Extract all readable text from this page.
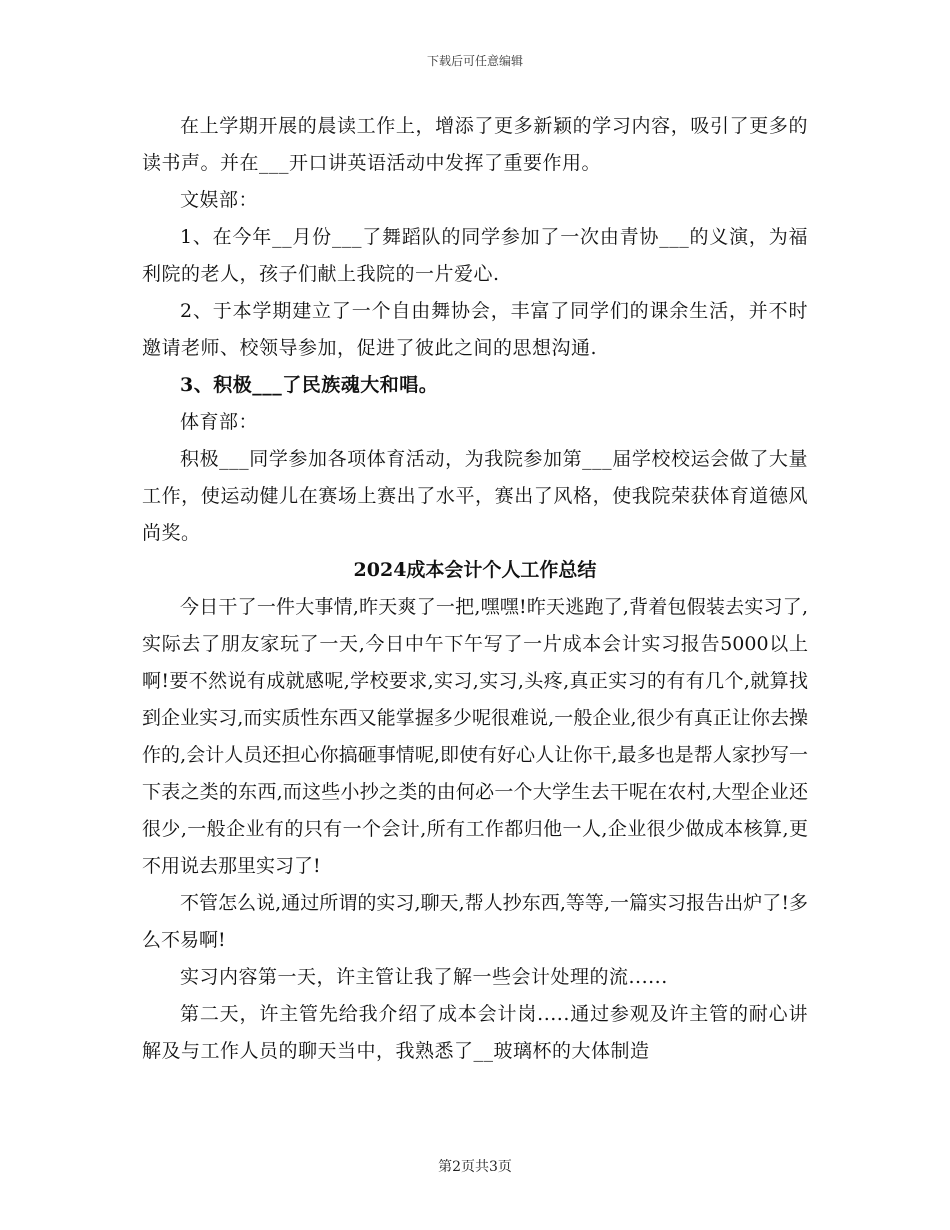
下载后可任意编辑

在上学期开展的晨读工作上，增添了更多新颖的学习内容，吸引了更多的读书声。并在___开口讲英语活动中发挥了重要作用。

文娱部：

1、在今年__月份___了舞蹈队的同学参加了一次由青协___的义演，为福利院的老人，孩子们献上我院的一片爱心.

2、于本学期建立了一个自由舞协会，丰富了同学们的课余生活，并不时邀请老师、校领导参加，促进了彼此之间的思想沟通.

3、积极___了民族魂大和唱。

体育部：

积极___同学参加各项体育活动，为我院参加第___届学校校运会做了大量工作，使运动健儿在赛场上赛出了水平，赛出了风格，使我院荣获体育道德风尚奖。

2024成本会计个人工作总结

今日干了一件大事情,昨天爽了一把,嘿嘿!昨天逃跑了,背着包假装去实习了,实际去了朋友家玩了一天,今日中午下午写了一片成本会计实习报告5000以上啊!要不然说有成就感呢,学校要求,实习,实习,头疼,真正实习的有有几个,就算找到企业实习,而实质性东西又能掌握多少呢很难说,一般企业,很少有真正让你去操作的,会计人员还担心你搞砸事情呢,即使有好心人让你干,最多也是帮人家抄写一下表之类的东西,而这些小抄之类的由何必一个大学生去干呢在农村,大型企业还很少,一般企业有的只有一个会计,所有工作都归他一人,企业很少做成本核算,更不用说去那里实习了!

不管怎么说,通过所谓的实习,聊天,帮人抄东西,等等,一篇实习报告出炉了!多么不易啊!

实习内容第一天，许主管让我了解一些会计处理的流......

第二天，许主管先给我介绍了成本会计岗.....通过参观及许主管的耐心讲解及与工作人员的聊天当中，我熟悉了__玻璃杯的大体制造

第2页共3页
